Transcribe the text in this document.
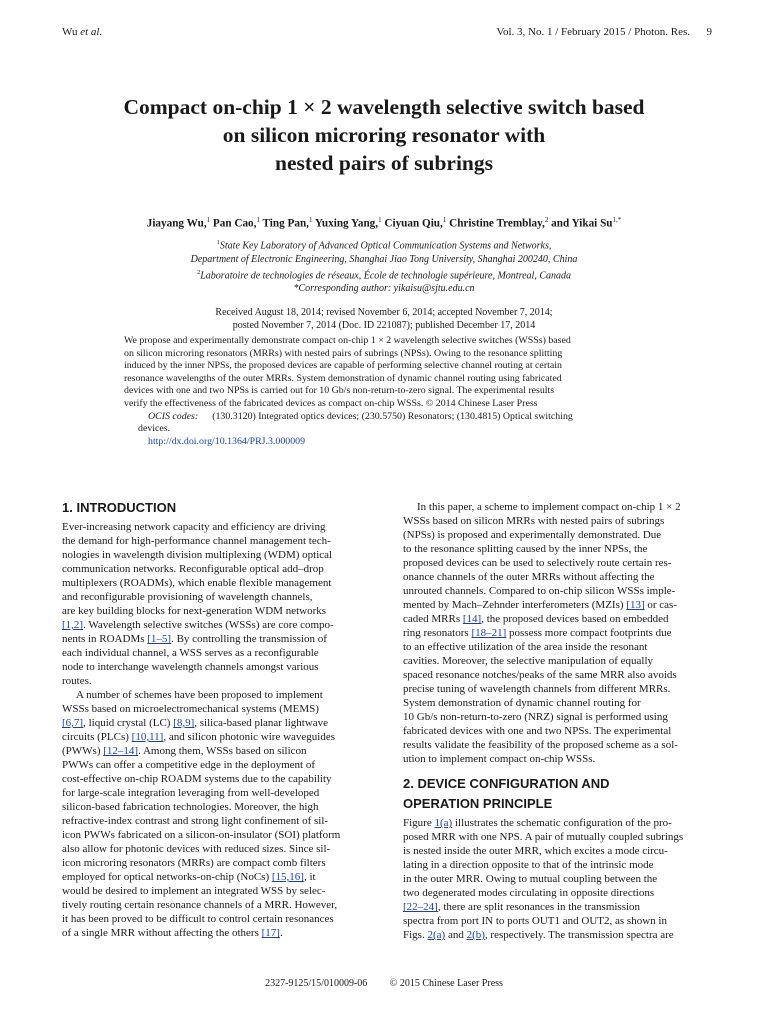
Wu et al.	Vol. 3, No. 1 / February 2015 / Photon. Res. 9
Compact on-chip 1 × 2 wavelength selective switch based
on silicon microring resonator with
nested pairs of subrings
Jiayang Wu,$^1$ Pan Cao,$^1$ Ting Pan,$^1$ Yuxing Yang,$^1$ Ciyuan Qiu,$^1$ Christine Tremblay,$^2$ and Yikai $Su^{1,*}$
$^1$State Key Laboratory of Advanced Optical Communication Systems and Networks,
Department of Electronic Engineering, Shanghai Jiao Tong University, Shanghai 200240, China
$^2$Laboratoire de technologies de réseaux, École de technologie supérieure, Montreal, Canada
*Corresponding author: yikaisu@sjtu.edu.cn
Received August 18, 2014; revised November 6, 2014; accepted November 7, 2014;
posted November 7, 2014 (Doc. ID 221087); published December 17, 2014
We propose and experimentally demonstrate compact on-chip 1 × 2 wavelength selective switches (WSSs) based
on silicon microring resonators (MRRs) with nested pairs of subrings (NPSs). Owing to the resonance splitting
induced by the inner NPSs, the proposed devices are capable of performing selective channel routing at certain
resonance wavelengths of the outer MRRs. System demonstration of dynamic channel routing using fabricated
devices with one and two NPSs is carried out for 10 Gb/s non-return-to-zero signal. The experimental results
verify the effectiveness of the fabricated devices as compact on-chip WSSs. © 2014 Chinese Laser Press
OCIS codes: (130.3120) Integrated optics devices; (230.5750) Resonators; (130.4815) Optical switching
devices.
http://dx.doi.org/10.1364/PRJ.3.000009
1. INTRODUCTION
Ever-increasing network capacity and efficiency are driving
the demand for high-performance channel management tech-
nologies in wavelength division multiplexing (WDM) optical
communication networks. Reconfigurable optical add–drop
multiplexers (ROADMs), which enable flexible management
and reconfigurable provisioning of wavelength channels,
are key building blocks for next-generation WDM networks
[1,2]. Wavelength selective switches (WSSs) are core compo-
nents in ROADMs [1–5]. By controlling the transmission of
each individual channel, a WSS serves as a reconfigurable
node to interchange wavelength channels amongst various
routes.
A number of schemes have been proposed to implement
WSSs based on microelectromechanical systems (MEMS)
[6,7], liquid crystal (LC) [8,9], silica-based planar lightwave
circuits (PLCs) [10,11], and silicon photonic wire waveguides
(PWWs) [12–14]. Among them, WSSs based on silicon
PWWs can offer a competitive edge in the deployment of
cost-effective on-chip ROADM systems due to the capability
for large-scale integration leveraging from well-developed
silicon-based fabrication technologies. Moreover, the high
refractive-index contrast and strong light confinement of sil-
icon PWWs fabricated on a silicon-on-insulator (SOI) platform
also allow for photonic devices with reduced sizes. Since sil-
icon microring resonators (MRRs) are compact comb filters
employed for optical networks-on-chip (NoCs) [15,16], it
would be desired to implement an integrated WSS by selec-
tively routing certain resonance channels of a MRR. However,
it has been proved to be difficult to control certain resonances
of a single MRR without affecting the others [17].
In this paper, a scheme to implement compact on-chip 1 × 2
WSSs based on silicon MRRs with nested pairs of subrings
(NPSs) is proposed and experimentally demonstrated. Due
to the resonance splitting caused by the inner NPSs, the
proposed devices can be used to selectively route certain res-
onance channels of the outer MRRs without affecting the
unrouted channels. Compared to on-chip silicon WSSs imple-
mented by Mach–Zehnder interferometers (MZIs) [13] or cas-
caded MRRs [14], the proposed devices based on embedded
ring resonators [18–21] possess more compact footprints due
to an effective utilization of the area inside the resonant
cavities. Moreover, the selective manipulation of equally
spaced resonance notches/peaks of the same MRR also avoids
precise tuning of wavelength channels from different MRRs.
System demonstration of dynamic channel routing for
10 Gb/s non-return-to-zero (NRZ) signal is performed using
fabricated devices with one and two NPSs. The experimental
results validate the feasibility of the proposed scheme as a sol-
ution to implement compact on-chip WSSs.
2. DEVICE CONFIGURATION AND
OPERATION PRINCIPLE
Figure 1(a) illustrates the schematic configuration of the pro-
posed MRR with one NPS. A pair of mutually coupled subrings
is nested inside the outer MRR, which excites a mode circu-
lating in a direction opposite to that of the intrinsic mode
in the outer MRR. Owing to mutual coupling between the
two degenerated modes circulating in opposite directions
[22–24], there are split resonances in the transmission
spectra from port IN to ports OUT1 and OUT2, as shown in
Figs. 2(a) and 2(b), respectively. The transmission spectra are
2327-9125/15/010009-06 © 2015 Chinese Laser Press
